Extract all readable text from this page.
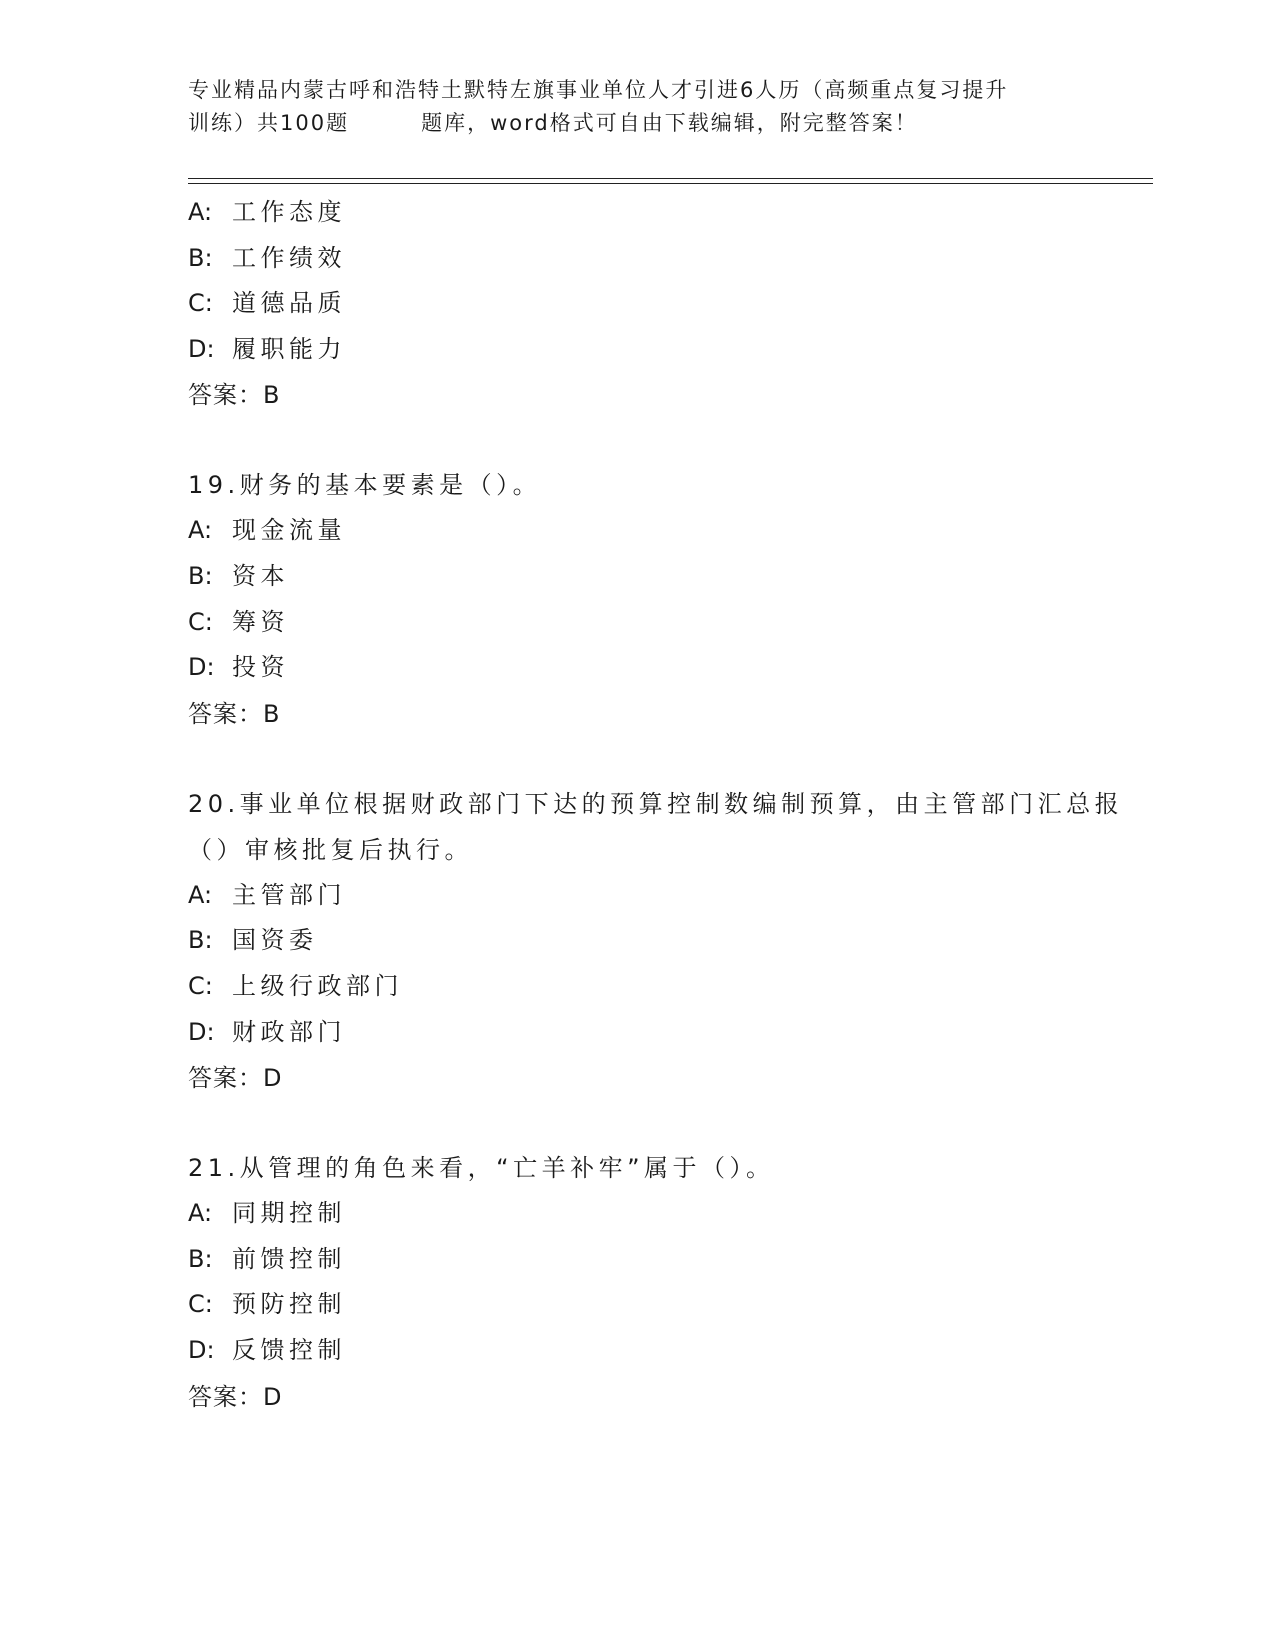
专业精品内蒙古呼和浩特土默特左旗事业单位人才引进6人历（高频重点复习提升
训练）共100题	题库，word格式可自由下载编辑，附完整答案！
A: 工作态度
B: 工作绩效
C: 道德品质
D: 履职能力
答案：B
19.财务的基本要素是（）。
A: 现金流量
B: 资本
C: 筹资
D: 投资
答案：B
20.事业单位根据财政部门下达的预算控制数编制预算，由主管部门汇总报（）审核批复后执行。
A: 主管部门
B: 国资委
C: 上级行政部门
D: 财政部门
答案：D
21.从管理的角色来看，“亡羊补牢”属于（）。
A: 同期控制
B: 前馈控制
C: 预防控制
D: 反馈控制
答案：D
